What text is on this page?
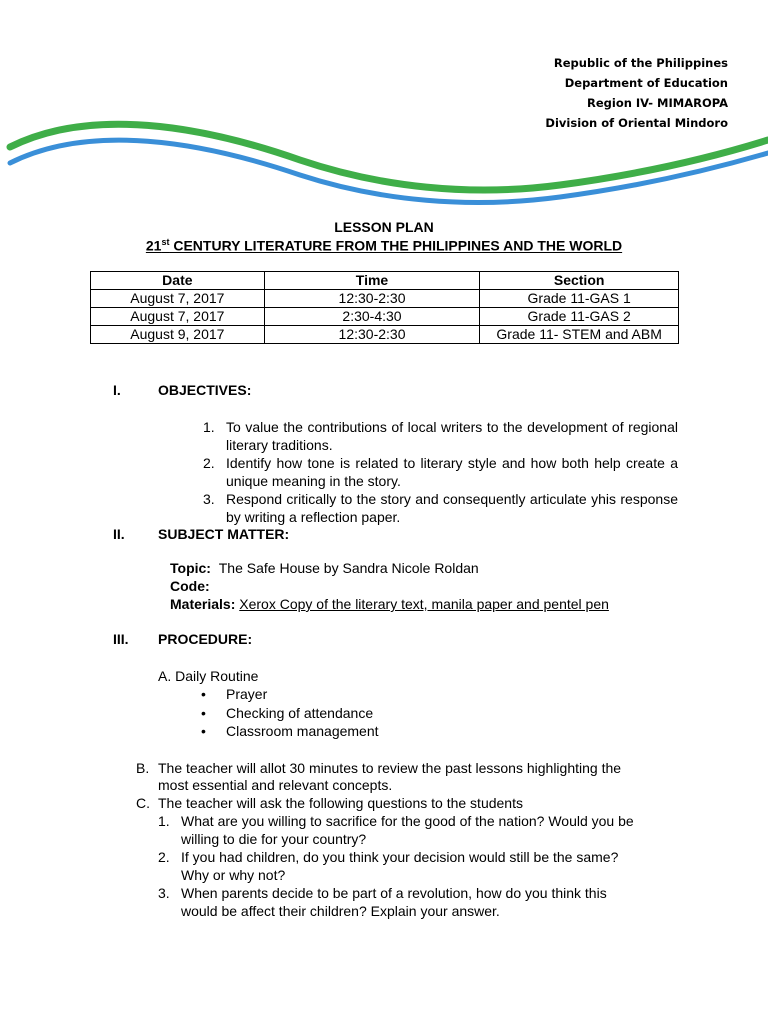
Republic of the Philippines
Department of Education
Region IV- MIMAROPA
Division of Oriental Mindoro
LESSON PLAN
21st CENTURY LITERATURE FROM THE PHILIPPINES AND THE WORLD
Date	Time	Section
August 7, 2017	12:30-2:30	Grade 11-GAS 1
August 7, 2017	2:30-4:30	Grade 11-GAS 2
August 9, 2017	12:30-2:30	Grade 11- STEM and ABM
I.	OBJECTIVES:
1. To value the contributions of local writers to the development of regional literary traditions.
2. Identify how tone is related to literary style and how both help create a unique meaning in the story.
3. Respond critically to the story and consequently articulate yhis response by writing a reflection paper.
II. SUBJECT MATTER:
Topic: The Safe House by Sandra Nicole Roldan
Code:
Materials: Xerox Copy of the literary text, manila paper and pentel pen
III. PROCEDURE:
A. Daily Routine
• Prayer
• Checking of attendance
• Classroom management
B. The teacher will allot 30 minutes to review the past lessons highlighting the
most essential and relevant concepts.
C. The teacher will ask the following questions to the students
1. What are you willing to sacrifice for the good of the nation? Would you be
willing to die for your country?
2. If you had children, do you think your decision would still be the same?
Why or why not?
3. When parents decide to be part of a revolution, how do you think this
would be affect their children? Explain your answer.
